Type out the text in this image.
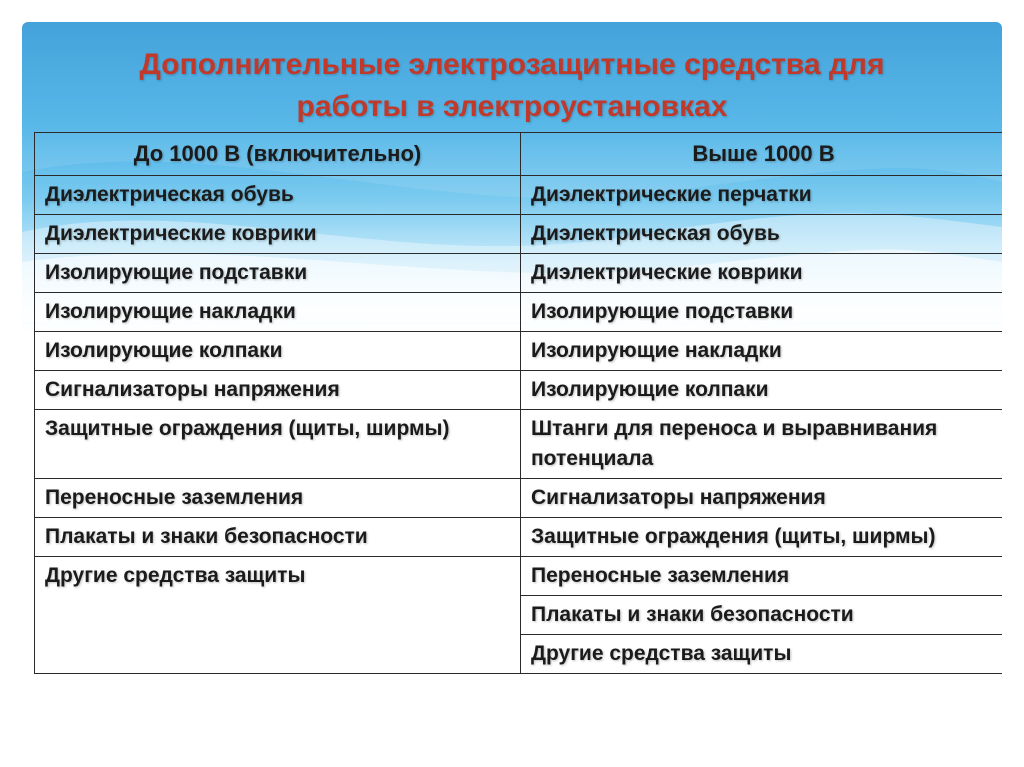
Дополнительные электрозащитные средства для
работы в электроустановках
До 1000 В (включительно)	Выше 1000 В
Диэлектрическая обувь	Диэлектрические перчатки
Диэлектрические коврики	Диэлектрическая обувь
Изолирующие подставки	Диэлектрические коврики
Изолирующие накладки	Изолирующие подставки
Изолирующие колпаки	Изолирующие накладки
Сигнализаторы напряжения	Изолирующие колпаки
Защитные ограждения (щиты, ширмы)	Штанги для переноса и выравнивания потенциала
Переносные заземления	Сигнализаторы напряжения
Плакаты и знаки безопасности	Защитные ограждения (щиты, ширмы)
Другие средства защиты	Переносные заземления
	Плакаты и знаки безопасности
	Другие средства защиты
